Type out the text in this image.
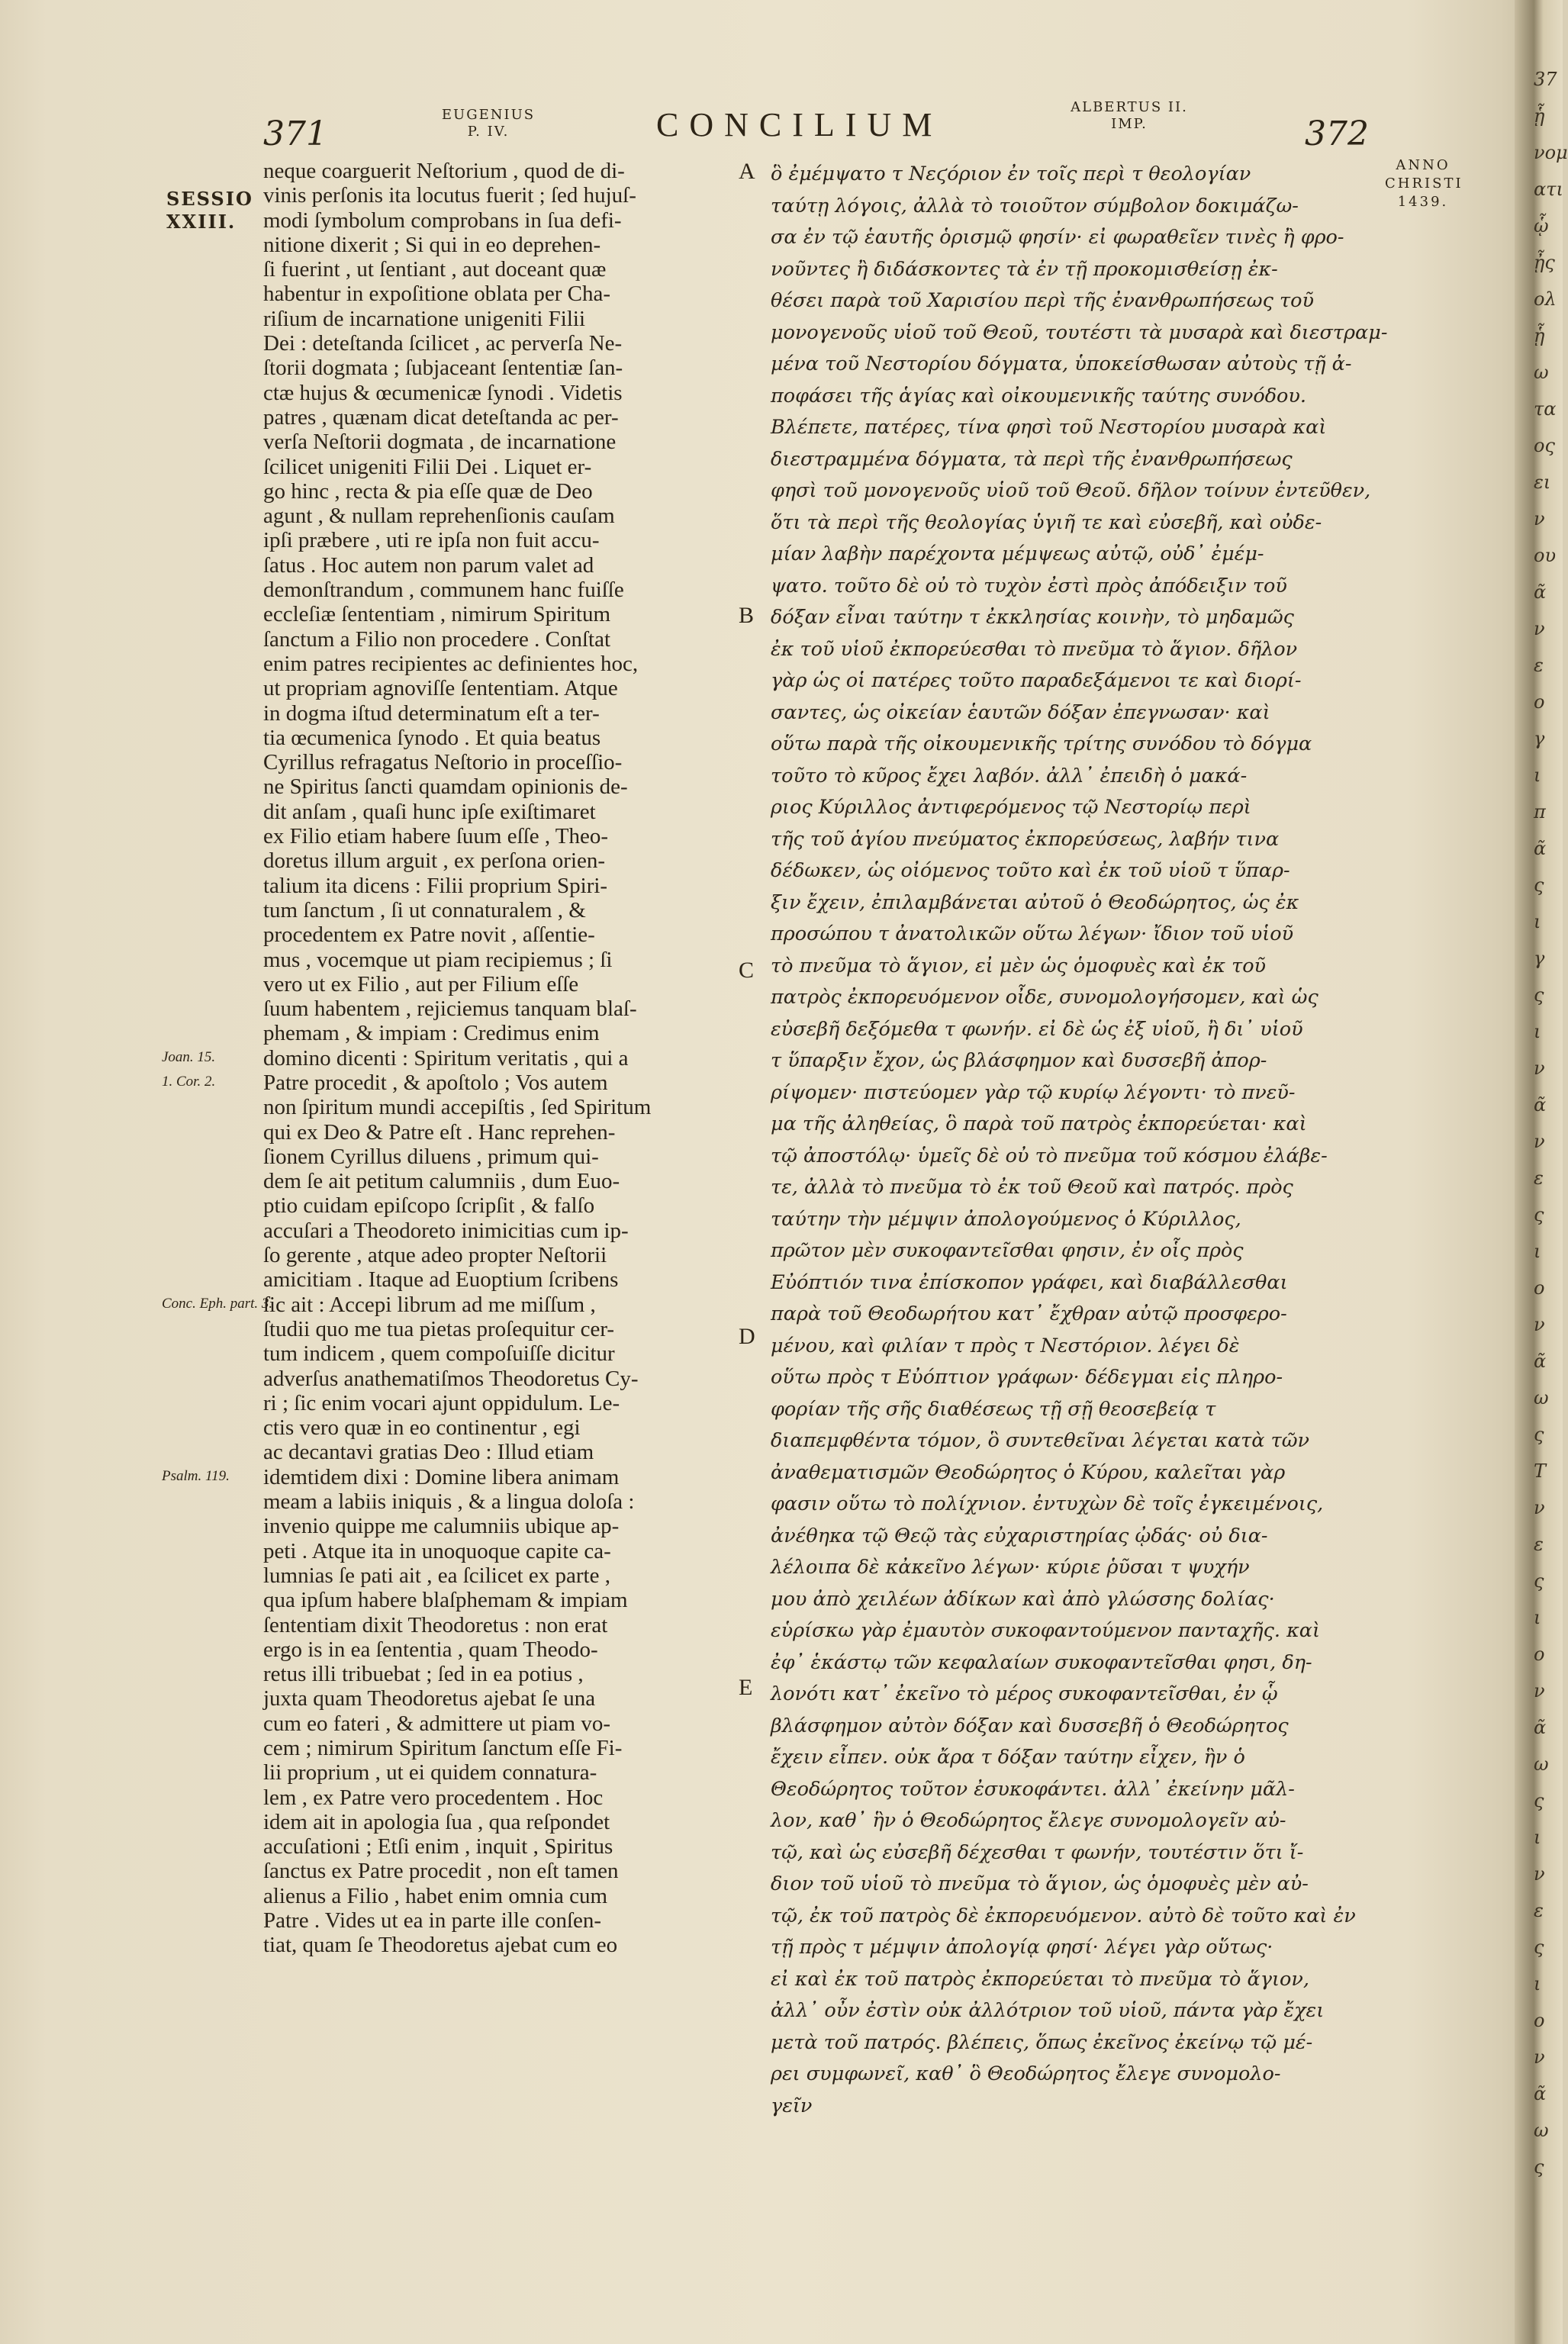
37
ᾗ
νομ
ατι
ᾧ
ᾖς
ολ
ᾗ
ω
τα
ος
ει
ν
ου
ᾶ
ν
ε
ο
γ
ι
π
ᾶ
ς
ι
γ
ς
ι
ν
ᾶ
ν
ε
ς
ι
ο
ν
ᾶ
ω
ς
T
ν
ε
ς
ι
ο
ν
ᾶ
ω
ς
ι
ν
ε
ς
ι
ο
ν
ᾶ
ω
ς
371	EUGENIUS
P. IV.	CONCILIUM	ALBERTUS II.
IMP.	372
ANNO
CHRISTI
1439.
SESSIO
XXIII.
Joan. 15.
1. Cor. 2.
Conc. Eph. part. 3.
Psalm. 119.
A
B
C
D
E
neque coarguerit Neſtorium , quod de di-
vinis perſonis ita locutus fuerit ; ſed hujuſ-
modi ſymbolum comprobans in ſua defi-
nitione dixerit ; Si qui in eo deprehen-
ſi fuerint , ut ſentiant , aut doceant quæ
habentur in expoſitione oblata per Cha-
riſium de incarnatione unigeniti Filii
Dei : deteſtanda ſcilicet , ac perverſa Ne-
ſtorii dogmata ; ſubjaceant ſententiæ ſan-
ctæ hujus & œcumenicæ ſynodi . Videtis
patres , quænam dicat deteſtanda ac per-
verſa Neſtorii dogmata , de incarnatione
ſcilicet unigeniti Filii Dei . Liquet er-
go hinc , recta & pia eſſe quæ de Deo
agunt , & nullam reprehenſionis cauſam
ipſi præbere , uti re ipſa non fuit accu-
ſatus . Hoc autem non parum valet ad
demonſtrandum , communem hanc fuiſſe
eccleſiæ ſententiam , nimirum Spiritum
ſanctum a Filio non procedere . Conſtat
enim patres recipientes ac definientes hoc,
ut propriam agnoviſſe ſententiam. Atque
in dogma iſtud determinatum eſt a ter-
tia œcumenica ſynodo . Et quia beatus
Cyrillus refragatus Neſtorio in proceſſio-
ne Spiritus ſancti quamdam opinionis de-
dit anſam , quaſi hunc ipſe exiſtimaret
ex Filio etiam habere ſuum eſſe , Theo-
doretus illum arguit , ex perſona orien-
talium ita dicens : Filii proprium Spiri-
tum ſanctum , ſi ut connaturalem , &
procedentem ex Patre novit , aſſentie-
mus , vocemque ut piam recipiemus ; ſi
vero ut ex Filio , aut per Filium eſſe
ſuum habentem , rejiciemus tanquam blaſ-
phemam , & impiam : Credimus enim
domino dicenti : Spiritum veritatis , qui a
Patre procedit , & apoſtolo ; Vos autem
non ſpiritum mundi accepiſtis , ſed Spiritum
qui ex Deo & Patre eſt . Hanc reprehen-
ſionem Cyrillus diluens , primum qui-
dem ſe ait petitum calumniis , dum Euo-
ptio cuidam epiſcopo ſcripſit , & falſo
accuſari a Theodoreto inimicitias cum ip-
ſo gerente , atque adeo propter Neſtorii
amicitiam . Itaque ad Euoptium ſcribens
ſic ait : Accepi librum ad me miſſum ,
ſtudii quo me tua pietas proſequitur cer-
tum indicem , quem compoſuiſſe dicitur
adverſus anathematiſmos Theodoretus Cy-
ri ; ſic enim vocari ajunt oppidulum. Le-
ctis vero quæ in eo continentur , egi
ac decantavi gratias Deo : Illud etiam
idemtidem dixi : Domine libera animam
meam a labiis iniquis , & a lingua doloſa :
invenio quippe me calumniis ubique ap-
peti . Atque ita in unoquoque capite ca-
lumnias ſe pati ait , ea ſcilicet ex parte ,
qua ipſum habere blaſphemam & impiam
ſententiam dixit Theodoretus : non erat
ergo is in ea ſententia , quam Theodo-
retus illi tribuebat ; ſed in ea potius ,
juxta quam Theodoretus ajebat ſe una
cum eo fateri , & admittere ut piam vo-
cem ; nimirum Spiritum ſanctum eſſe Fi-
lii proprium , ut ei quidem connatura-
lem , ex Patre vero procedentem . Hoc
idem ait in apologia ſua , qua reſpondet
accuſationi ; Etſi enim , inquit , Spiritus
ſanctus ex Patre procedit , non eſt tamen
alienus a Filio , habet enim omnia cum
Patre . Vides ut ea in parte ille conſen-
tiat, quam ſe Theodoretus ajebat cum eo
ὃ ἐμέμψατο τ Νεϛόριον ἐν τοῖς περὶ τ θεολογίαν
ταύτῃ λόγοις, ἀλλὰ τὸ τοιοῦτον σύμβολον δοκιμάζω-
σα ἐν τῷ ἑαυτῆς ὁρισμῷ φησίν· εἰ φωραθεῖεν τινὲς ἢ φρο-
νοῦντες ἢ διδάσκοντες τὰ ἐν τῇ προκομισθείσῃ ἐκ-
θέσει παρὰ τοῦ Χαρισίου περὶ τῆς ἐνανθρωπήσεως τοῦ
μονογενοῦς υἱοῦ τοῦ Θεοῦ, τουτέστι τὰ μυσαρὰ καὶ διεστραμ-
μένα τοῦ Νεστορίου δόγματα, ὑποκείσθωσαν αὐτοὺς τῇ ἀ-
ποφάσει τῆς ἁγίας καὶ οἰκουμενικῆς ταύτης συνόδου.
Βλέπετε, πατέρες, τίνα φησὶ τοῦ Νεστορίου μυσαρὰ καὶ
διεστραμμένα δόγματα, τὰ περὶ τῆς ἐνανθρωπήσεως
φησὶ τοῦ μονογενοῦς υἱοῦ τοῦ Θεοῦ. δῆλον τοίνυν ἐντεῦθεν,
ὅτι τὰ περὶ τῆς θεολογίας ὑγιῆ τε καὶ εὐσεβῆ, καὶ οὐδε-
μίαν λαβὴν παρέχοντα μέμψεως αὐτῷ, οὐδ᾽ ἐμέμ-
ψατο. τοῦτο δὲ οὐ τὸ τυχὸν ἐστὶ πρὸς ἀπόδειξιν τοῦ
δόξαν εἶναι ταύτην τ ἐκκλησίας κοινὴν, τὸ μηδαμῶς
ἐκ τοῦ υἱοῦ ἐκπορεύεσθαι τὸ πνεῦμα τὸ ἅγιον. δῆλον
γὰρ ὡς οἱ πατέρες τοῦτο παραδεξάμενοι τε καὶ διορί-
σαντες, ὡς οἰκείαν ἑαυτῶν δόξαν ἐπεγνωσαν· καὶ
οὕτω παρὰ τῆς οἰκουμενικῆς τρίτης συνόδου τὸ δόγμα
τοῦτο τὸ κῦρος ἔχει λαβόν. ἀλλ᾽ ἐπειδὴ ὁ μακά-
ριος Κύριλλος ἀντιφερόμενος τῷ Νεστορίῳ περὶ
τῆς τοῦ ἁγίου πνεύματος ἐκπορεύσεως, λαβήν τινα
δέδωκεν, ὡς οἰόμενος τοῦτο καὶ ἐκ τοῦ υἱοῦ τ ὕπαρ-
ξιν ἔχειν, ἐπιλαμβάνεται αὐτοῦ ὁ Θεοδώρητος, ὡς ἐκ
προσώπου τ ἀνατολικῶν οὕτω λέγων· ἴδιον τοῦ υἱοῦ
τὸ πνεῦμα τὸ ἅγιον, εἰ μὲν ὡς ὁμοφυὲς καὶ ἐκ τοῦ
πατρὸς ἐκπορευόμενον οἶδε, συνομολογήσομεν, καὶ ὡς
εὐσεβῆ δεξόμεθα τ φωνήν. εἰ δὲ ὡς ἐξ υἱοῦ, ἢ δι᾽ υἱοῦ
τ ὕπαρξιν ἔχον, ὡς βλάσφημον καὶ δυσσεβῆ ἀπορ-
ρίψομεν· πιστεύομεν γὰρ τῷ κυρίῳ λέγοντι· τὸ πνεῦ-
μα τῆς ἀληθείας, ὃ παρὰ τοῦ πατρὸς ἐκπορεύεται· καὶ
τῷ ἀποστόλῳ· ὑμεῖς δὲ οὐ τὸ πνεῦμα τοῦ κόσμου ἐλάβε-
τε, ἀλλὰ τὸ πνεῦμα τὸ ἐκ τοῦ Θεοῦ καὶ πατρός. πρὸς
ταύτην τὴν μέμψιν ἀπολογούμενος ὁ Κύριλλος,
πρῶτον μὲν συκοφαντεῖσθαι φησιν, ἐν οἷς πρὸς
Εὐόπτιόν τινα ἐπίσκοπον γράφει, καὶ διαβάλλεσθαι
παρὰ τοῦ Θεοδωρήτου κατ᾽ ἔχθραν αὐτῷ προσφερο-
μένου, καὶ φιλίαν τ πρὸς τ Νεστόριον. λέγει δὲ
οὕτω πρὸς τ Εὐόπτιον γράφων· δέδεγμαι εἰς πληρο-
φορίαν τῆς σῆς διαθέσεως τῇ σῇ θεοσεβείᾳ τ
διαπεμφθέντα τόμον, ὃ συντεθεῖναι λέγεται κατὰ τῶν
ἀναθεματισμῶν Θεοδώρητος ὁ Κύρου, καλεῖται γὰρ
φασιν οὕτω τὸ πολίχνιον. ἐντυχὼν δὲ τοῖς ἐγκειμένοις,
ἀνέθηκα τῷ Θεῷ τὰς εὐχαριστηρίας ᾠδάς· οὐ δια-
λέλοιπα δὲ κἀκεῖνο λέγων· κύριε ῥῦσαι τ ψυχήν
μου ἀπὸ χειλέων ἀδίκων καὶ ἀπὸ γλώσσης δολίας·
εὑρίσκω γὰρ ἐμαυτὸν συκοφαντούμενον πανταχῆς. καὶ
ἐφ᾽ ἑκάστῳ τῶν κεφαλαίων συκοφαντεῖσθαι φησι, δη-
λονότι κατ᾽ ἐκεῖνο τὸ μέρος συκοφαντεῖσθαι, ἐν ᾧ
βλάσφημον αὐτὸν δόξαν καὶ δυσσεβῆ ὁ Θεοδώρητος
ἔχειν εἶπεν. οὐκ ἄρα τ δόξαν ταύτην εἶχεν, ἣν ὁ
Θεοδώρητος τοῦτον ἐσυκοφάντει. ἀλλ᾽ ἐκείνην μᾶλ-
λον, καθ᾽ ἣν ὁ Θεοδώρητος ἔλεγε συνομολογεῖν αὐ-
τῷ, καὶ ὡς εὐσεβῆ δέχεσθαι τ φωνήν, τουτέστιν ὅτι ἴ-
διον τοῦ υἱοῦ τὸ πνεῦμα τὸ ἅγιον, ὡς ὁμοφυὲς μὲν αὐ-
τῷ, ἐκ τοῦ πατρὸς δὲ ἐκπορευόμενον. αὐτὸ δὲ τοῦτο καὶ ἐν
τῇ πρὸς τ μέμψιν ἀπολογίᾳ φησί· λέγει γὰρ οὕτως·
εἰ καὶ ἐκ τοῦ πατρὸς ἐκπορεύεται τὸ πνεῦμα τὸ ἅγιον,
ἀλλ᾽ οὖν ἐστὶν οὐκ ἀλλότριον τοῦ υἱοῦ, πάντα γὰρ ἔχει
μετὰ τοῦ πατρός. βλέπεις, ὅπως ἐκεῖνος ἐκείνῳ τῷ μέ-
ρει συμφωνεῖ, καθ᾽ ὃ Θεοδώρητος ἔλεγε συνομολο-
γεῖν
